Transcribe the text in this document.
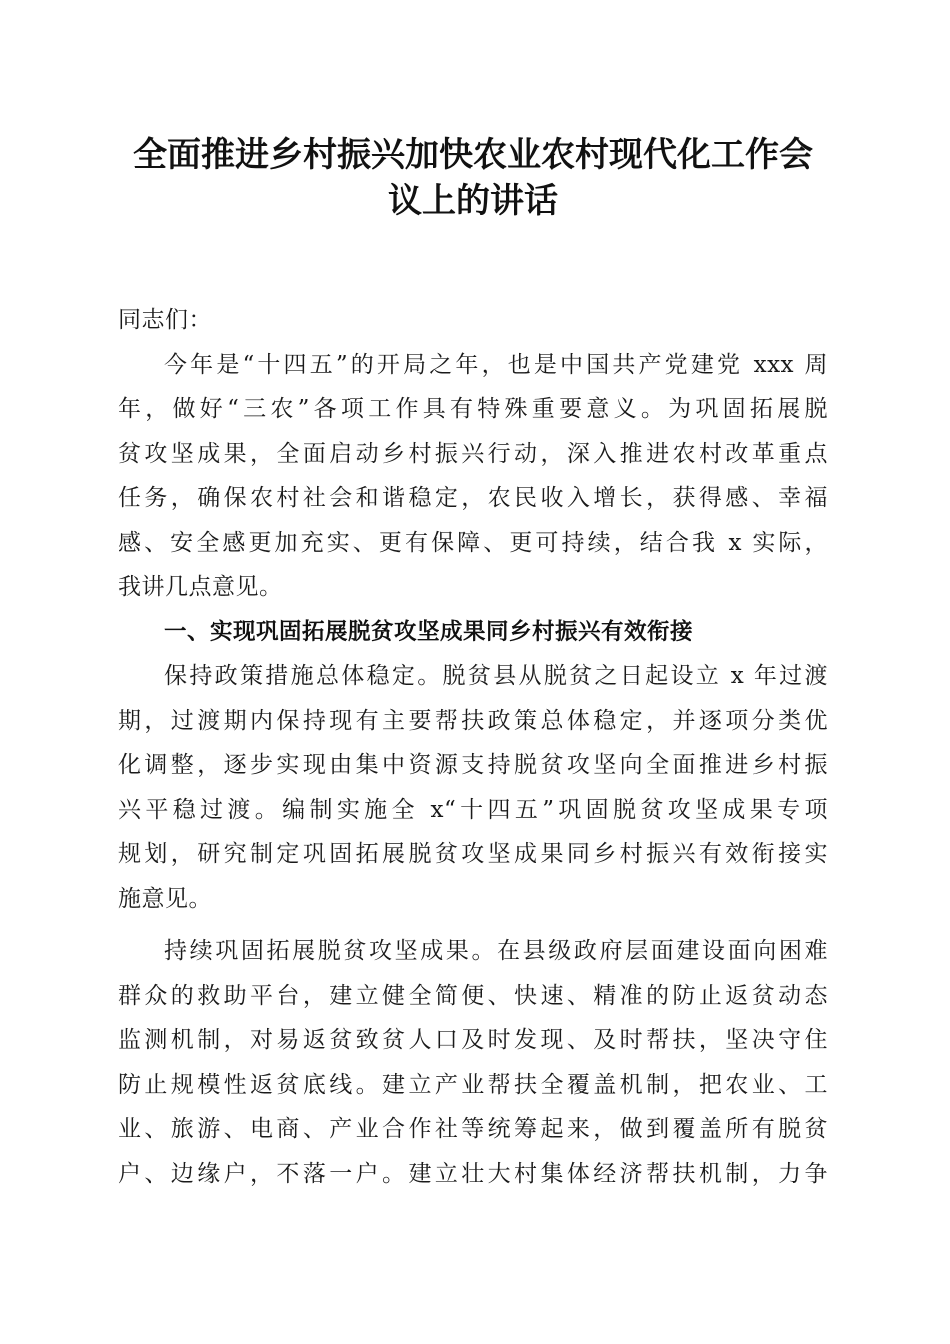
全面推进乡村振兴加快农业农村现代化工作会
议上的讲话

同志们：

今年是“十四五”的开局之年，也是中国共产党建党 xxx 周
年，做好“三农”各项工作具有特殊重要意义。为巩固拓展脱
贫攻坚成果，全面启动乡村振兴行动，深入推进农村改革重点
任务，确保农村社会和谐稳定，农民收入增长，获得感、幸福
感、安全感更加充实、更有保障、更可持续，结合我 x 实际，
我讲几点意见。

一、实现巩固拓展脱贫攻坚成果同乡村振兴有效衔接

保持政策措施总体稳定。脱贫县从脱贫之日起设立 x 年过渡
期，过渡期内保持现有主要帮扶政策总体稳定，并逐项分类优
化调整，逐步实现由集中资源支持脱贫攻坚向全面推进乡村振
兴平稳过渡。编制实施全 x“十四五”巩固脱贫攻坚成果专项
规划，研究制定巩固拓展脱贫攻坚成果同乡村振兴有效衔接实
施意见。
持续巩固拓展脱贫攻坚成果。在县级政府层面建设面向困难
群众的救助平台，建立健全简便、快速、精准的防止返贫动态
监测机制，对易返贫致贫人口及时发现、及时帮扶，坚决守住
防止规模性返贫底线。建立产业帮扶全覆盖机制，把农业、工
业、旅游、电商、产业合作社等统筹起来，做到覆盖所有脱贫
户、边缘户，不落一户。建立壮大村集体经济帮扶机制，力争
